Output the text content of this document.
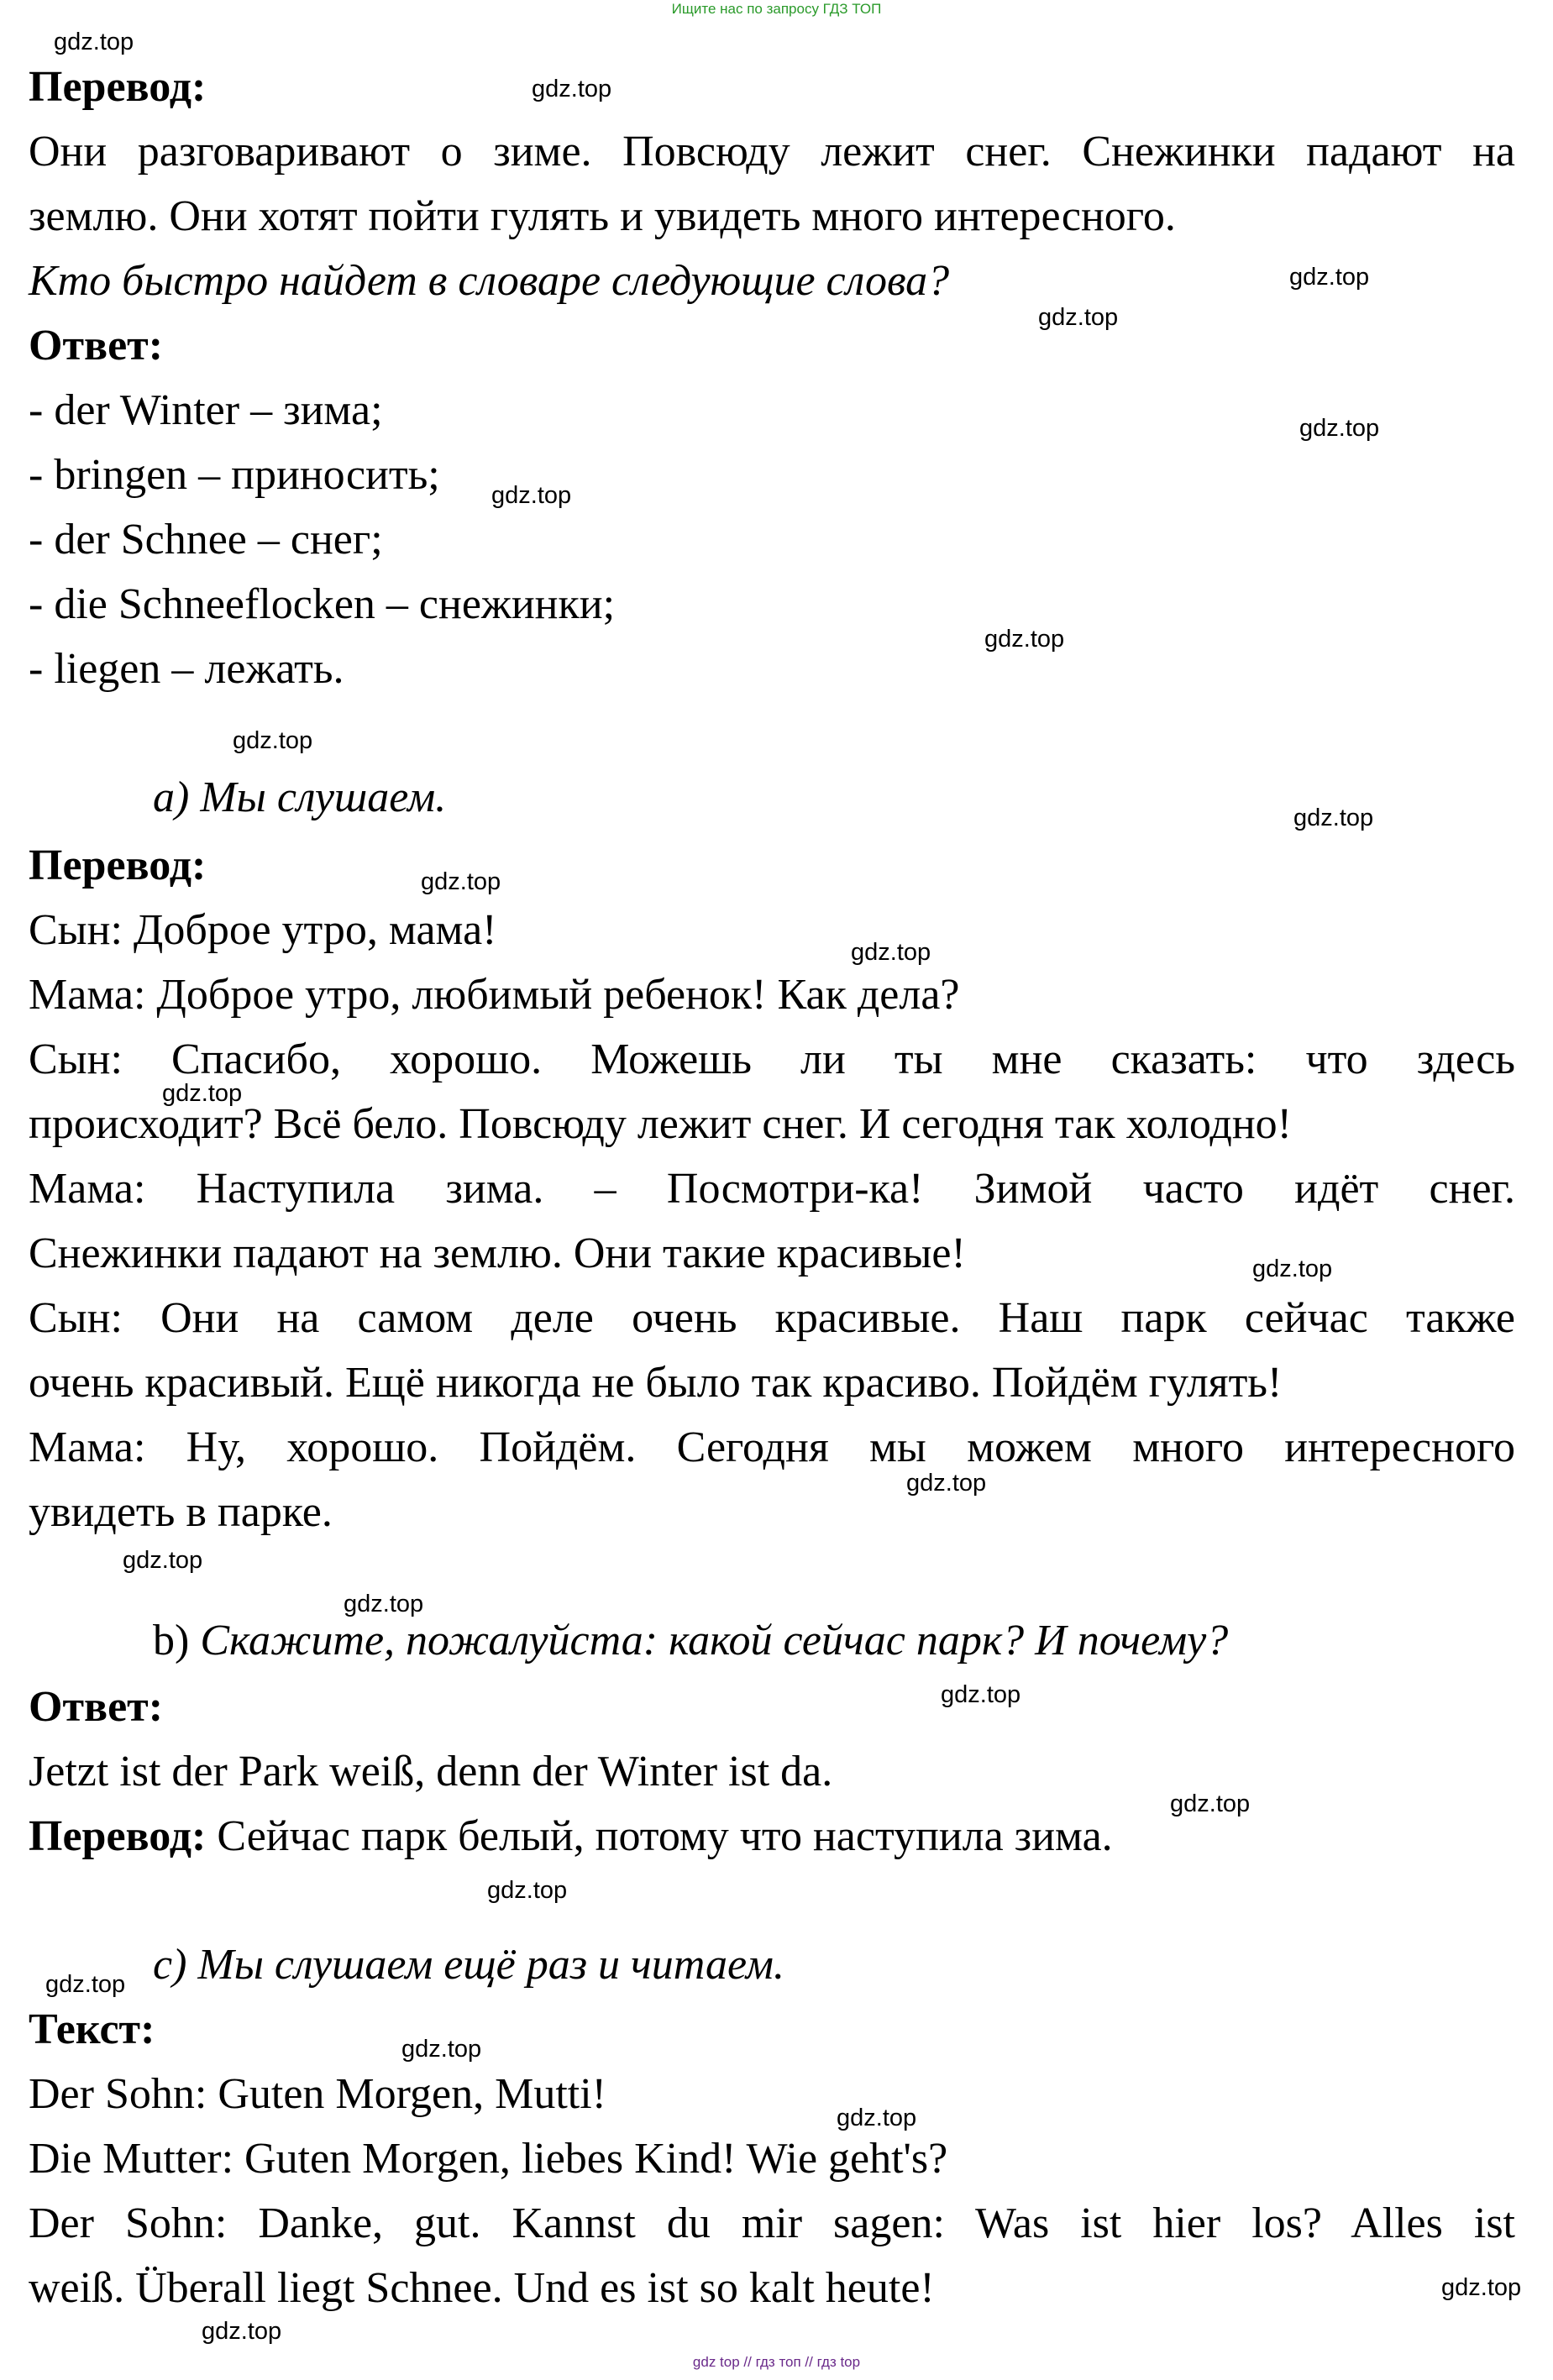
Ищите нас по запросу ГДЗ ТОП
Перевод:
Они разговаривают о зиме. Повсюду лежит снег. Снежинки падают на
землю. Они хотят пойти гулять и увидеть много интересного.
Кто быстро найдет в словаре следующие слова?
Ответ:
- der Winter – зима;
- bringen – приносить;
- der Schnee – снег;
- die Schneeflocken – снежинки;
- liegen – лежать.
а) Мы слушаем.
Перевод:
Сын: Доброе утро, мама!
Мама: Доброе утро, любимый ребенок! Как дела?
Сын: Спасибо, хорошо. Можешь ли ты мне сказать: что здесь
происходит? Всё бело. Повсюду лежит снег. И сегодня так холодно!
Мама: Наступила зима. – Посмотри-ка! Зимой часто идёт снег.
Снежинки падают на землю. Они такие красивые!
Сын: Они на самом деле очень красивые. Наш парк сейчас также
очень красивый. Ещё никогда не было так красиво. Пойдём гулять!
Мама: Ну, хорошо. Пойдём. Сегодня мы можем много интересного
увидеть в парке.
b) Скажите, пожалуйста: какой сейчас парк? И почему?
Ответ:
Jetzt ist der Park weiß, denn der Winter ist da.
Перевод: Сейчас парк белый, потому что наступила зима.
с) Мы слушаем ещё раз и читаем.
Текст:
Der Sohn: Guten Morgen, Mutti!
Die Mutter: Guten Morgen, liebes Kind! Wie geht's?
Der Sohn: Danke, gut. Kannst du mir sagen: Was ist hier los? Alles ist
weiß. Überall liegt Schnee. Und es ist so kalt heute!
gdz.top
gdz.top
gdz.top
gdz.top
gdz.top
gdz.top
gdz.top
gdz.top
gdz.top
gdz.top
gdz.top
gdz.top
gdz.top
gdz.top
gdz.top
gdz.top
gdz.top
gdz.top
gdz.top
gdz.top
gdz.top
gdz.top
gdz.top
gdz.top
gdz top // гдз топ // гдз top
